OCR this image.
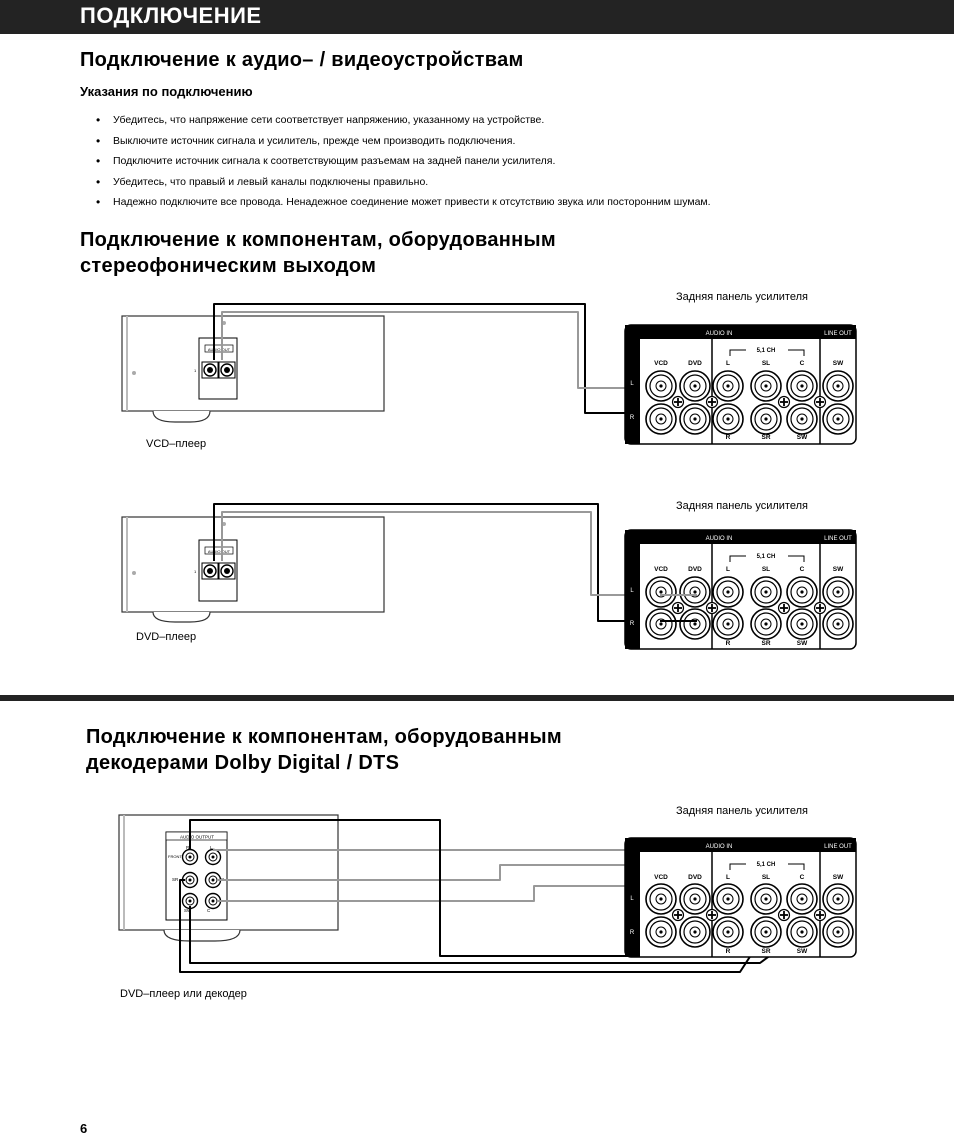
ПОДКЛЮЧЕНИЕ
Подключение к аудио– / видеоустройствам
Указания по подключению
• Убедитесь, что напряжение сети соответствует напряжению, указанному на устройстве.
• Выключите источник сигнала и усилитель, прежде чем производить подключения.
• Подключите источник сигнала к соответствующим разъемам на задней панели усилителя.
• Убедитесь, что правый и левый каналы подключены правильно.
• Надежно подключите все провода. Ненадежное соединение может привести к отсутствию звука или посторонним шумам.
Подключение к компонентам, оборудованным
стереофоническим выходом
Задняя панель усилителя
VCD–плеер
Задняя панель усилителя
DVD–плеер
Подключение к компонентам, оборудованным
декодерами Dolby Digital / DTS
Задняя панель усилителя
DVD–плеер или декодер
6
AUDIO OUT
1
AUDIO IN	LINE OUT
L
R
VCD	DVD
5,1 CH
L	SL	C	SW
R	SR	SW
AUDIO OUT
1
AUDIO IN	LINE OUT
L
R
VCD	DVD
5,1 CH
L	SL	C	SW
R	SR	SW
AUDIO OUTPUT
FRONT
SR
SW
R	L
SL
C
AUDIO IN	LINE OUT
L
R
VCD	DVD
5,1 CH
L	SL	C	SW
R	SR	SW
